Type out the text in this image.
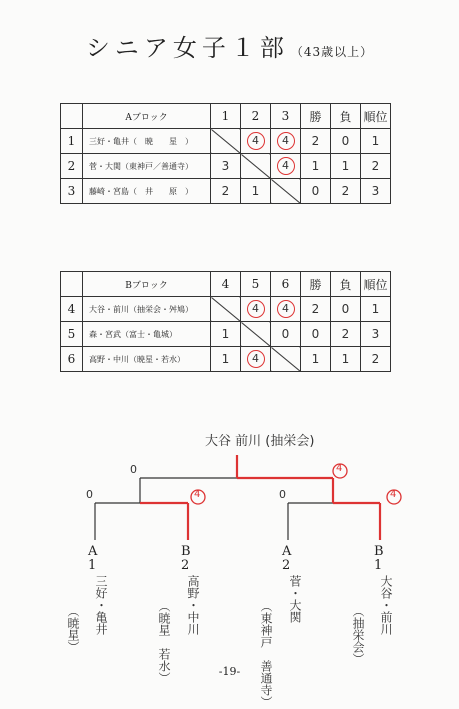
シニア女子１部 （43歳以上）
	Aブロック	1	2	3	勝	負	順位
1	三好・亀井（　暁　　星　）		4	4	2	0	1
2	菅・大関（東神戸／善通寺）	3		4	1	1	2
3	藤崎・宮島（　井　　原　）	2	1		0	2	3
	Bブロック	4	5	6	勝	負	順位
4	大谷・前川（抽栄会・舛鳩）		4	4	2	0	1
5	森・宮武（富士・亀城）	1		0	0	2	3
6	高野・中川（暁星・若水）	1	4		1	1	2
大谷 前川 (抽栄会)
0	4
0	4	0	4
A
1
三好・亀井
（暁星）
B
2
高野・中川
（暁星　若水）
A
2
菅・大関
（東神戸　善通寺）
B
1
大谷・前川
（抽栄会）
-19-
